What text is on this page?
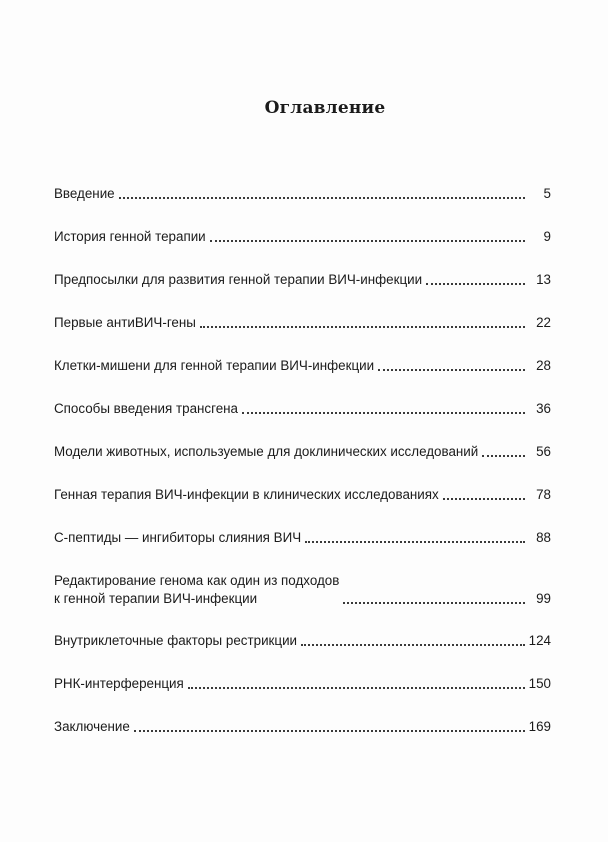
Оглавление
Введение	5
История генной терапии	9
Предпосылки для развития генной терапии ВИЧ-инфекции	13
Первые антиВИЧ-гены	22
Клетки-мишени для генной терапии ВИЧ-инфекции	28
Способы введения трансгена	36
Модели животных, используемые для доклинических исследований	56
Генная терапия ВИЧ-инфекции в клинических исследованиях	78
С-пептиды — ингибиторы слияния ВИЧ	88
Редактирование генома как один из подходов
к генной терапии ВИЧ-инфекции	99
Внутриклеточные факторы рестрикции	124
РНК-интерференция	150
Заключение	169
